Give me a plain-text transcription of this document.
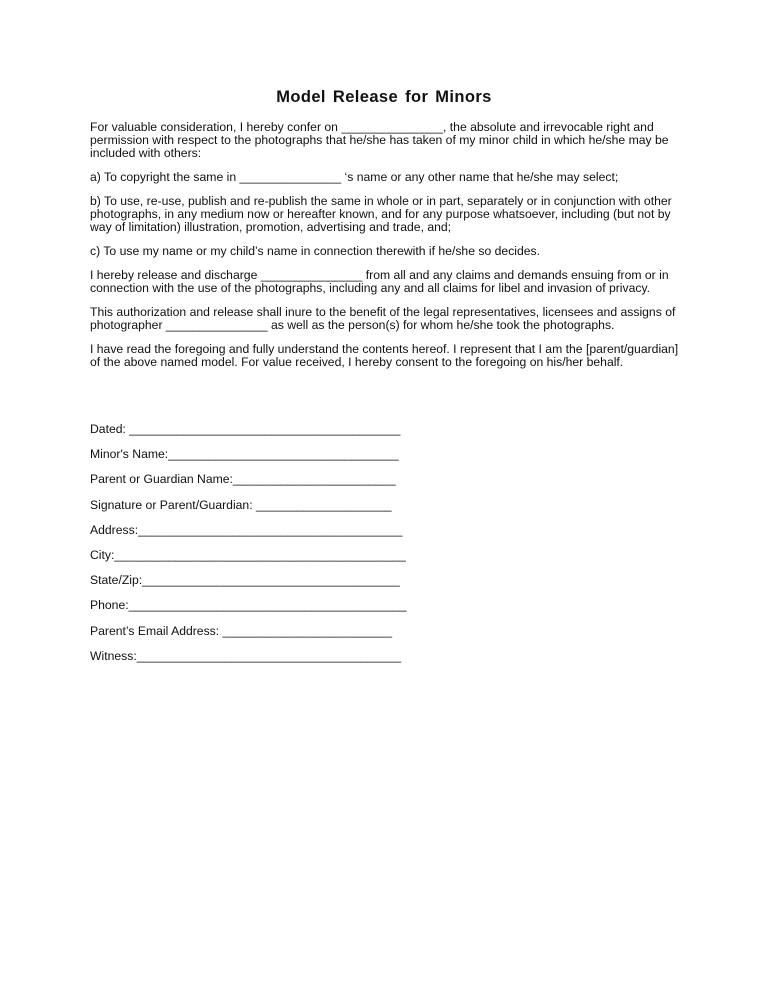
Model Release for Minors

For valuable consideration, I hereby confer on _______________, the absolute and irrevocable right and permission with respect to the photographs that he/she has taken of my minor child in which he/she may be included with others:

a) To copyright the same in _______________ ‘s name or any other name that he/she may select;

b) To use, re-use, publish and re-publish the same in whole or in part, separately or in conjunction with other photographs, in any medium now or hereafter known, and for any purpose whatsoever, including (but not by way of limitation) illustration, promotion, advertising and trade, and;

c) To use my name or my child’s name in connection therewith if he/she so decides.

I hereby release and discharge _______________ from all and any claims and demands ensuing from or in connection with the use of the photographs, including any and all claims for libel and invasion of privacy.

This authorization and release shall inure to the benefit of the legal representatives, licensees and assigns of photographer _______________ as well as the person(s) for whom he/she took the photographs.

I have read the foregoing and fully understand the contents hereof. I represent that I am the [parent/guardian] of the above named model. For value received, I hereby consent to the foregoing on his/her behalf.

Dated: ________________________________________
Minor's Name:__________________________________
Parent or Guardian Name:________________________
Signature or Parent/Guardian: ____________________
Address:_______________________________________
City:___________________________________________
State/Zip:______________________________________
Phone:_________________________________________
Parent’s Email Address: _________________________
Witness:_______________________________________
